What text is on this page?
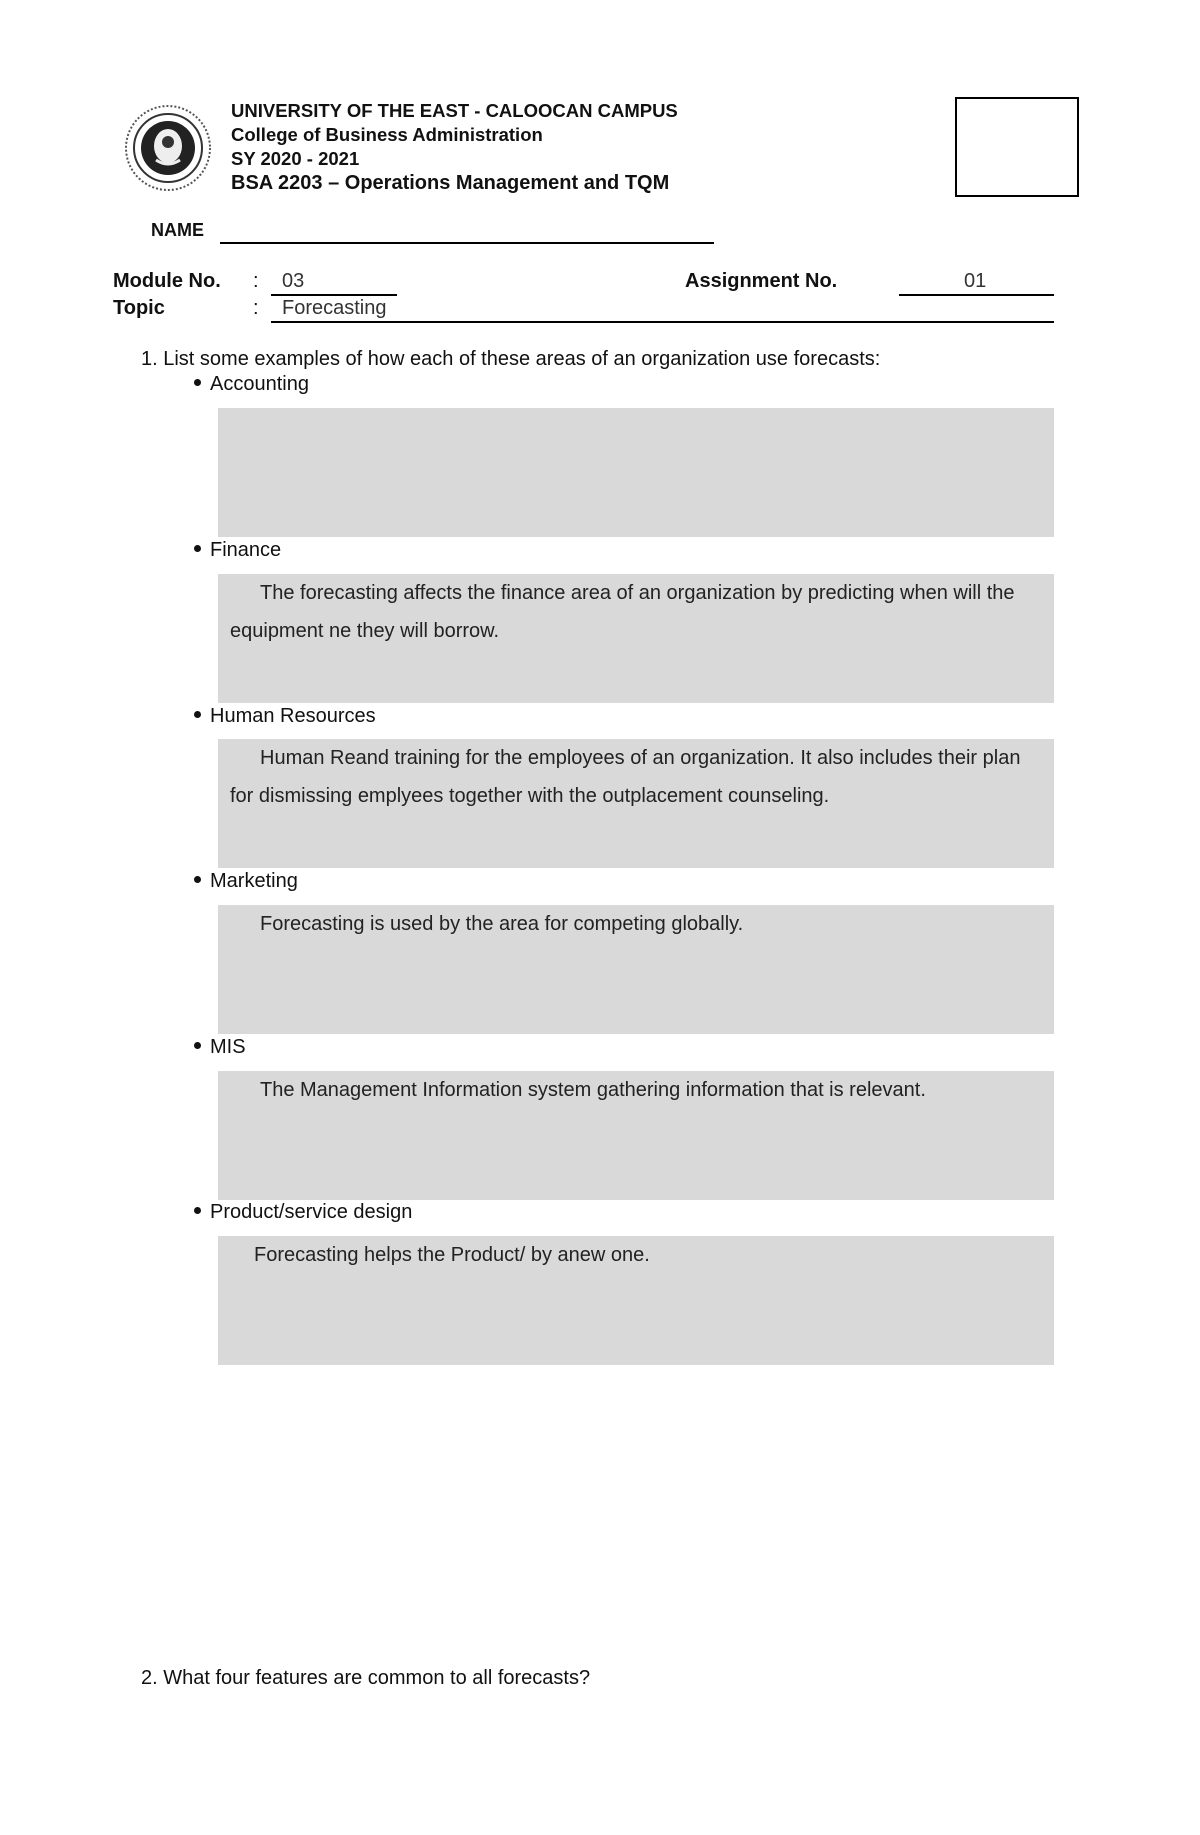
UNIVERSITY OF THE EAST - CALOOCAN CAMPUS
College of Business Administration
SY 2020 - 2021
BSA 2203 – Operations Management and TQM
NAME
Module No. : 03	Assignment No.	01
Topic	: Forecasting
1. List some examples of how each of these areas of an organization use forecasts:
Accounting
Finance
The forecasting affects the finance area of an organization by predicting when will the equipment ne they will borrow.
Human Resources
Human Reand training for the employees of an organization. It also includes their plan for dismissing emplyees together with the outplacement counseling.
Marketing
Forecasting is used by the area for competing globally.
MIS
The Management Information system gathering information that is relevant.
Product/service design
Forecasting helps the Product/ by anew one.
2. What four features are common to all forecasts?
